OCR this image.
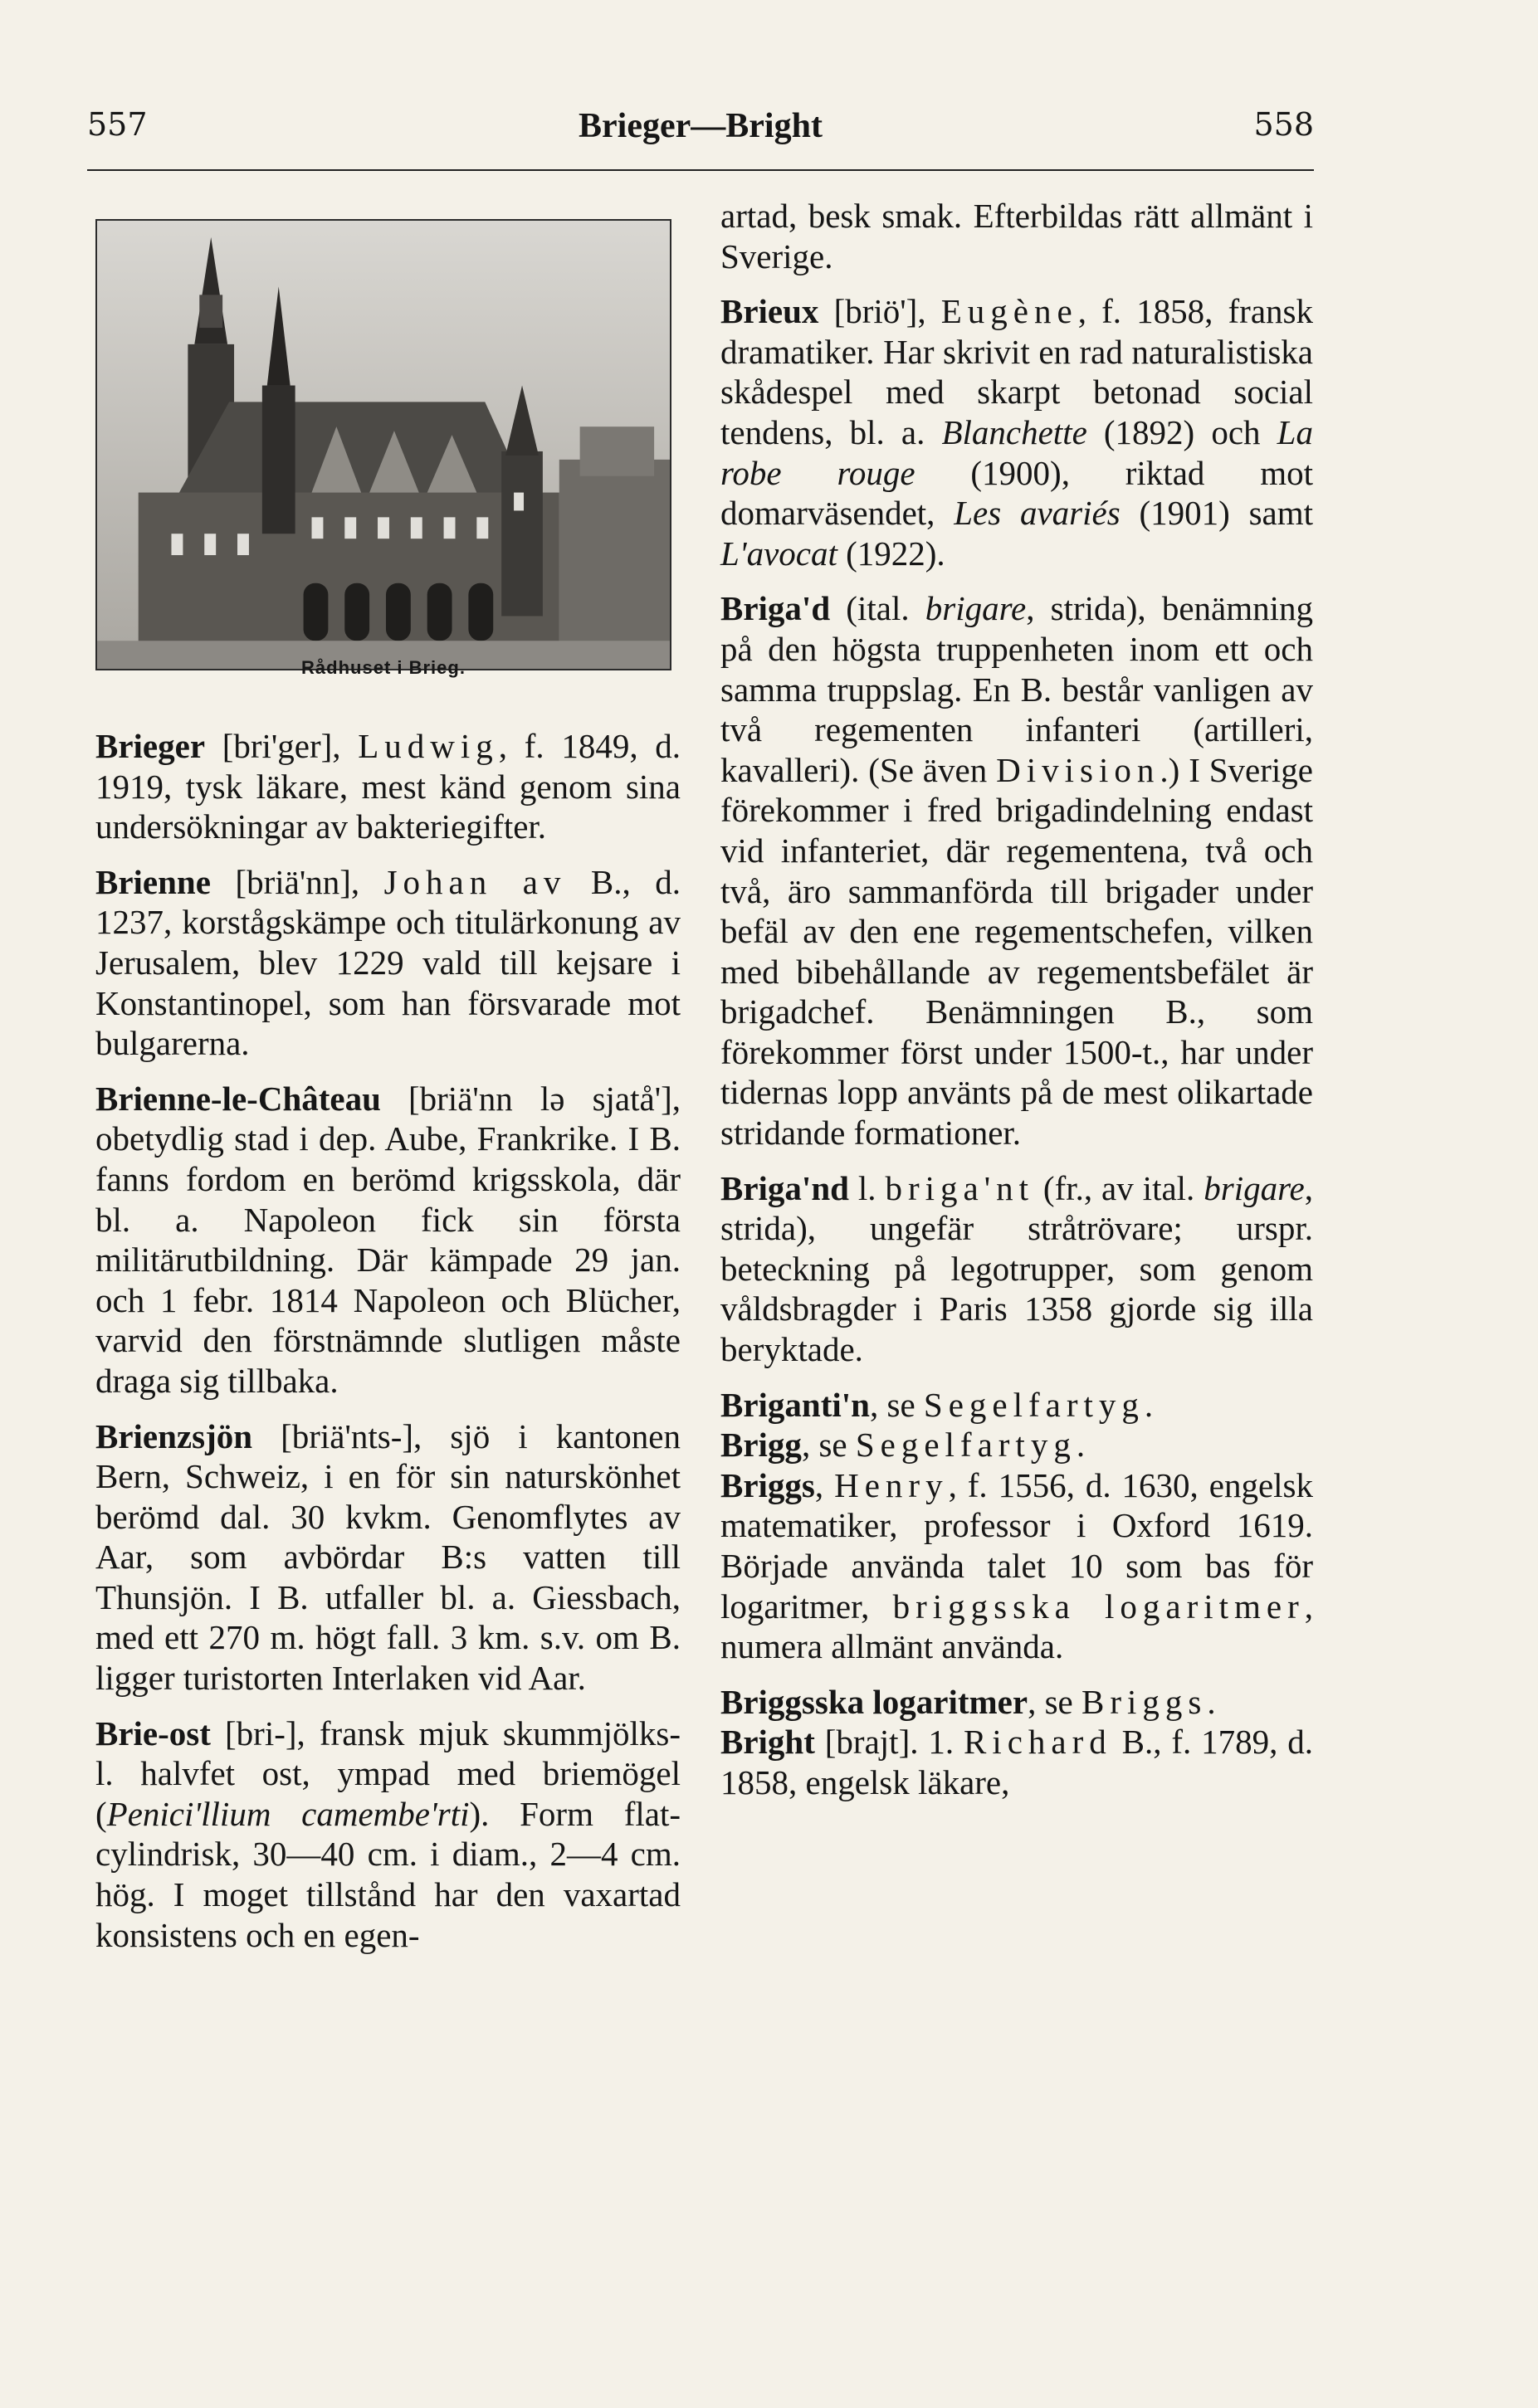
557	Brieger—Bright	558
Rådhuset i Brieg.

Brieger [bri'ger], Ludwig, f. 1849, d. 1919, tysk läkare, mest känd genom sina undersökningar av bakteriegifter.

Brienne [briä'nn], Johan av B., d. 1237, korstågskämpe och titulärkonung av Jerusalem, blev 1229 vald till kejsare i Konstantinopel, som han försvarade mot bulgarerna.

Brienne-le-Château [briä'nn lə sjatå'], obetydlig stad i dep. Aube, Frankrike. I B. fanns fordom en berömd krigsskola, där bl. a. Napoleon fick sin första militärutbildning. Där kämpade 29 jan. och 1 febr. 1814 Napoleon och Blücher, varvid den förstnämnde slutligen måste draga sig tillbaka.

Brienzsjön [briä'nts-], sjö i kantonen Bern, Schweiz, i en för sin naturskönhet berömd dal. 30 kvkm. Genomflytes av Aar, som avbördar B:s vatten till Thunsjön. I B. utfaller bl. a. Giessbach, med ett 270 m. högt fall. 3 km. s.v. om B. ligger turistorten Interlaken vid Aar.

Brie-ost [bri-], fransk mjuk skummjölks- l. halvfet ost, ympad med briemögel (Penici'llium camembe'rti). Form flat-cylindrisk, 30—40 cm. i diam., 2—4 cm. hög. I moget tillstånd har den vaxartad konsistens och en egen-

artad, besk smak. Efterbildas rätt allmänt i Sverige.

Brieux [briö'], Eugène, f. 1858, fransk dramatiker. Har skrivit en rad naturalistiska skådespel med skarpt betonad social tendens, bl. a. Blanchette (1892) och La robe rouge (1900), riktad mot domarväsendet, Les avariés (1901) samt L'avocat (1922).

Briga'd (ital. brigare, strida), benämning på den högsta truppenheten inom ett och samma truppslag. En B. består vanligen av två regementen infanteri (artilleri, kavalleri). (Se även Division.) I Sverige förekommer i fred brigadindelning endast vid infanteriet, där regementena, två och två, äro sammanförda till brigader under befäl av den ene regementschefen, vilken med bibehållande av regementsbefälet är brigadchef. Benämningen B., som förekommer först under 1500-t., har under tidernas lopp använts på de mest olikartade stridande formationer.

Briga'nd l. briga'nt (fr., av ital. brigare, strida), ungefär stråtrövare; urspr. beteckning på legotrupper, som genom våldsbragder i Paris 1358 gjorde sig illa beryktade.

Briganti'n, se Segelfartyg.

Brigg, se Segelfartyg.

Briggs, Henry, f. 1556, d. 1630, engelsk matematiker, professor i Oxford 1619. Började använda talet 10 som bas för logaritmer, briggsska logaritmer, numera allmänt använda.

Briggsska logaritmer, se Briggs.

Bright [brajt]. 1. Richard B., f. 1789, d. 1858, engelsk läkare,
